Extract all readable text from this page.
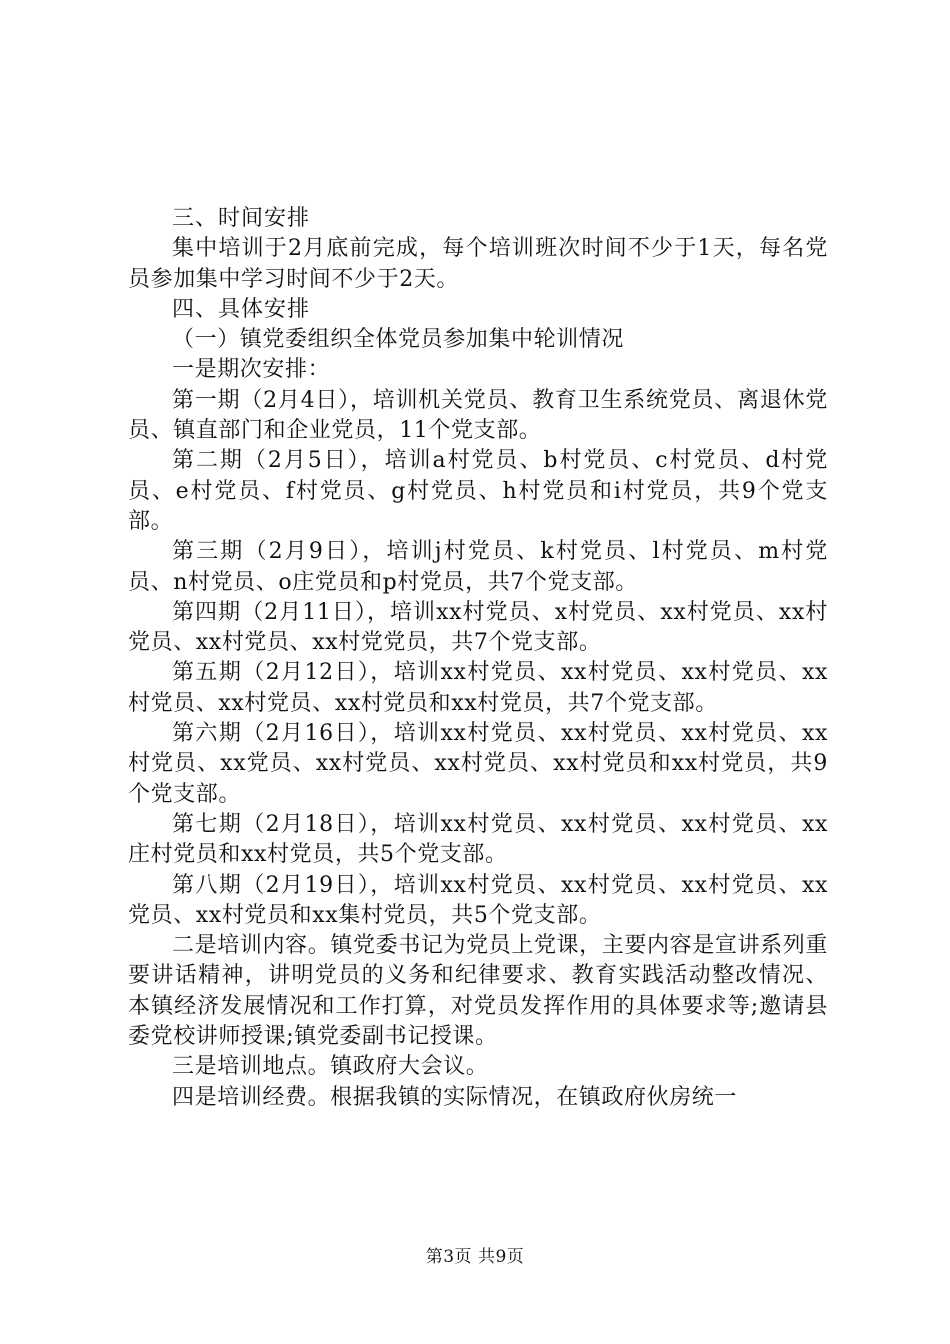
三、时间安排

集中培训于2月底前完成，每个培训班次时间不少于1天，每名党员参加集中学习时间不少于2天。

四、具体安排

（一）镇党委组织全体党员参加集中轮训情况

一是期次安排：

第一期（2月4日），培训机关党员、教育卫生系统党员、离退休党员、镇直部门和企业党员，11个党支部。

第二期（2月5日），培训a村党员、b村党员、c村党员、d村党员、e村党员、f村党员、g村党员、h村党员和i村党员，共9个党支部。

第三期（2月9日），培训j村党员、k村党员、l村党员、m村党员、n村党员、o庄党员和p村党员，共7个党支部。

第四期（2月11日），培训xx村党员、x村党员、xx村党员、xx村党员、xx村党员、xx村党党员，共7个党支部。

第五期（2月12日），培训xx村党员、xx村党员、xx村党员、xx村党员、xx村党员、xx村党员和xx村党员，共7个党支部。

第六期（2月16日），培训xx村党员、xx村党员、xx村党员、xx村党员、xx党员、xx村党员、xx村党员、xx村党员和xx村党员，共9个党支部。

第七期（2月18日），培训xx村党员、xx村党员、xx村党员、xx庄村党员和xx村党员，共5个党支部。

第八期（2月19日），培训xx村党员、xx村党员、xx村党员、xx党员、xx村党员和xx集村党员，共5个党支部。

二是培训内容。镇党委书记为党员上党课，主要内容是宣讲系列重要讲话精神，讲明党员的义务和纪律要求、教育实践活动整改情况、本镇经济发展情况和工作打算，对党员发挥作用的具体要求等;邀请县委党校讲师授课;镇党委副书记授课。

三是培训地点。镇政府大会议。

四是培训经费。根据我镇的实际情况，在镇政府伙房统一

第3页 共9页
